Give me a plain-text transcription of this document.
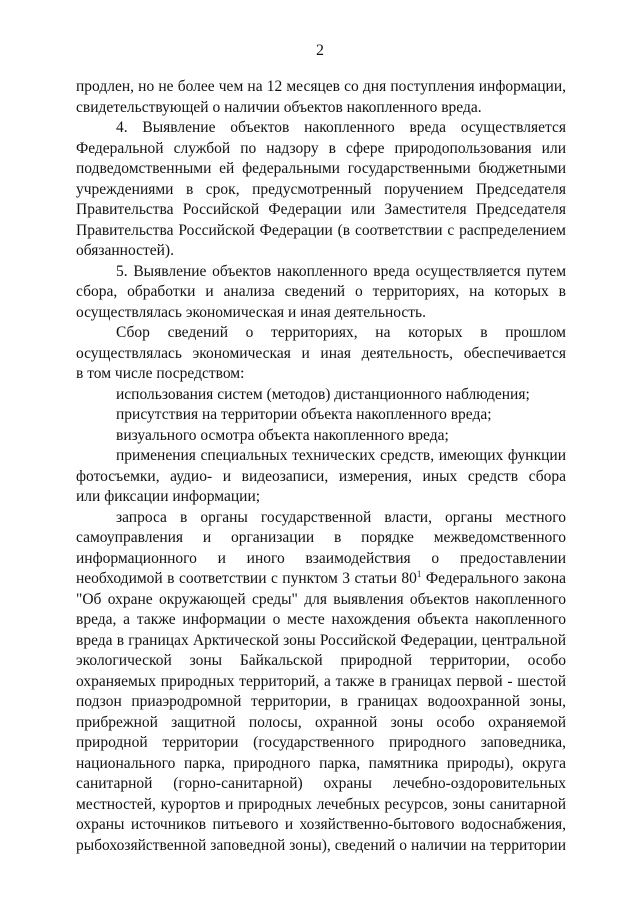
2
продлен, но не более чем на 12 месяцев со дня поступления информации,
свидетельствующей о наличии объектов накопленного вреда.
4. Выявление объектов накопленного вреда осуществляется
Федеральной службой по надзору в сфере природопользования или
подведомственными ей федеральными государственными бюджетными
учреждениями в срок, предусмотренный поручением Председателя
Правительства Российской Федерации или Заместителя Председателя
Правительства Российской Федерации (в соответствии с распределением
обязанностей).
5. Выявление объектов накопленного вреда осуществляется путем
сбора, обработки и анализа сведений о территориях, на которых в
осуществлялась экономическая и иная деятельность.
Сбор сведений о территориях, на которых в прошлом
осуществлялась экономическая и иная деятельность, обеспечивается
в том числе посредством:
использования систем (методов) дистанционного наблюдения;
присутствия на территории объекта накопленного вреда;
визуального осмотра объекта накопленного вреда;
применения специальных технических средств, имеющих функции
фотосъемки, аудио- и видеозаписи, измерения, иных средств сбора
или фиксации информации;
запроса в органы государственной власти, органы местного
самоуправления и организации в порядке межведомственного
информационного и иного взаимодействия о предоставлении
необходимой в соответствии с пунктом 3 статьи $80^1$ Федерального закона
"Об охране окружающей среды" для выявления объектов накопленного
вреда, а также информации о месте нахождения объекта накопленного
вреда в границах Арктической зоны Российской Федерации, центральной
экологической зоны Байкальской природной территории, особо
охраняемых природных территорий, а также в границах первой - шестой
подзон приаэродромной территории, в границах водоохранной зоны,
прибрежной защитной полосы, охранной зоны особо охраняемой
природной территории (государственного природного заповедника,
национального парка, природного парка, памятника природы), округа
санитарной (горно-санитарной) охраны лечебно-оздоровительных
местностей, курортов и природных лечебных ресурсов, зоны санитарной
охраны источников питьевого и хозяйственно-бытового водоснабжения,
рыбохозяйственной заповедной зоны), сведений о наличии на территории
